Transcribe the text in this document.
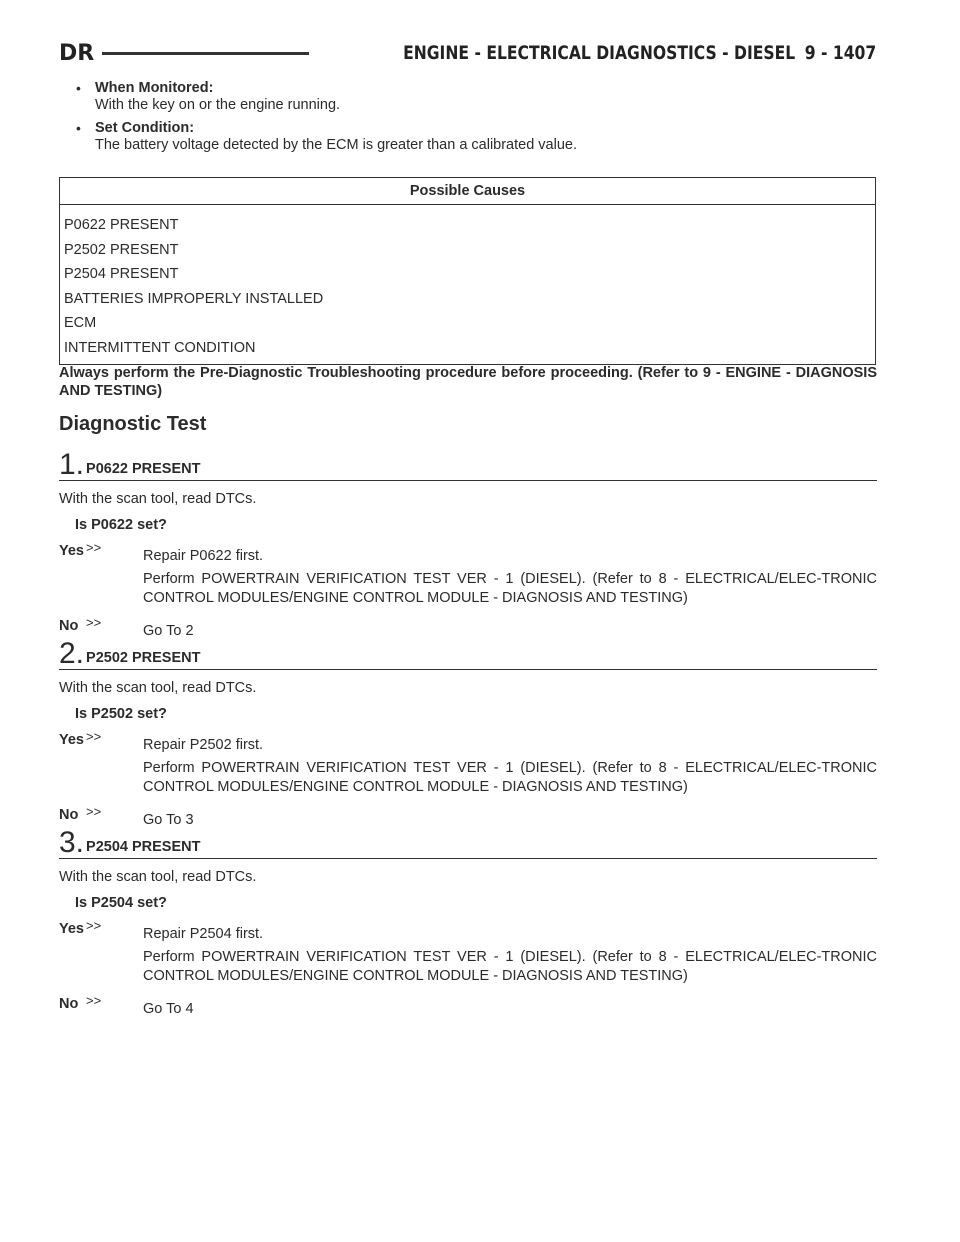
DR	ENGINE - ELECTRICAL DIAGNOSTICS - DIESEL 9 - 1407
• When Monitored:
With the key on or the engine running.
• Set Condition:
The battery voltage detected by the ECM is greater than a calibrated value.
Possible Causes
P0622 PRESENT
P2502 PRESENT
P2504 PRESENT
BATTERIES IMPROPERLY INSTALLED
ECM
INTERMITTENT CONDITION
Always perform the Pre-Diagnostic Troubleshooting procedure before proceeding. (Refer to 9 - ENGINE - DIAGNOSIS AND TESTING)
Diagnostic Test
1. P0622 PRESENT
With the scan tool, read DTCs.
Is P0622 set?
Yes >>
Repair P0622 first.
Perform POWERTRAIN VERIFICATION TEST VER - 1 (DIESEL). (Refer to 8 - ELECTRICAL/ELEC-TRONIC CONTROL MODULES/ENGINE CONTROL MODULE - DIAGNOSIS AND TESTING)
No >>
Go To 2
2. P2502 PRESENT
With the scan tool, read DTCs.
Is P2502 set?
Yes >>
Repair P2502 first.
Perform POWERTRAIN VERIFICATION TEST VER - 1 (DIESEL). (Refer to 8 - ELECTRICAL/ELEC-TRONIC CONTROL MODULES/ENGINE CONTROL MODULE - DIAGNOSIS AND TESTING)
No >>
Go To 3
3. P2504 PRESENT
With the scan tool, read DTCs.
Is P2504 set?
Yes >>
Repair P2504 first.
Perform POWERTRAIN VERIFICATION TEST VER - 1 (DIESEL). (Refer to 8 - ELECTRICAL/ELEC-TRONIC CONTROL MODULES/ENGINE CONTROL MODULE - DIAGNOSIS AND TESTING)
No >>
Go To 4
